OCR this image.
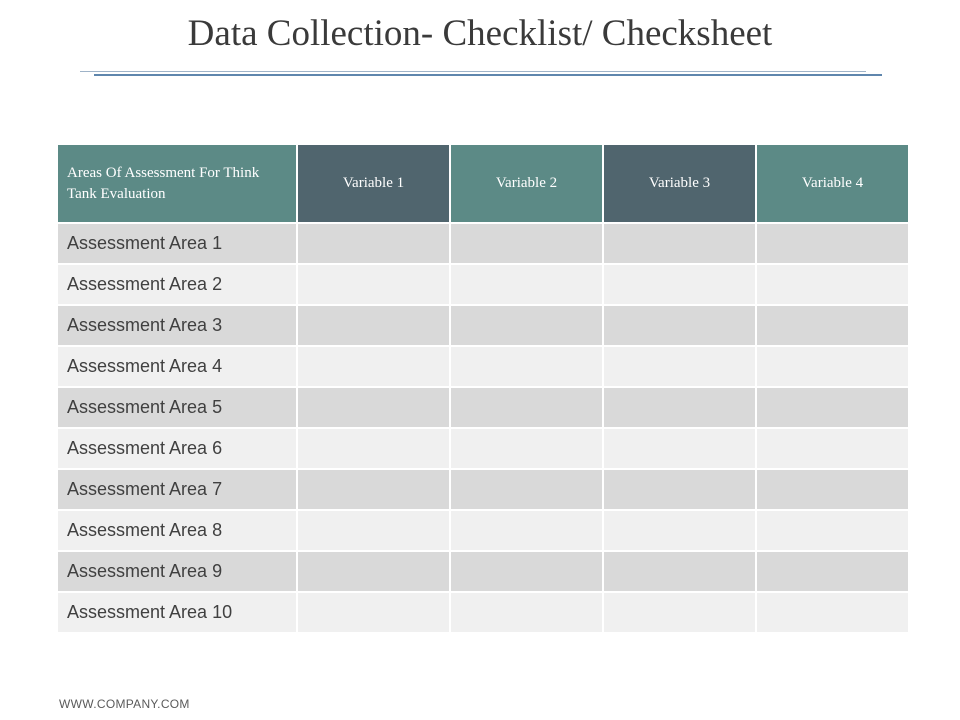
Data Collection- Checklist/ Checksheet
Areas Of Assessment For Think Tank Evaluation	Variable 1	Variable 2	Variable 3	Variable 4
Assessment Area 1				
Assessment Area 2				
Assessment Area 3				
Assessment Area 4				
Assessment Area 5				
Assessment Area 6				
Assessment Area 7				
Assessment Area 8				
Assessment Area 9				
Assessment Area 10				
WWW.COMPANY.COM
